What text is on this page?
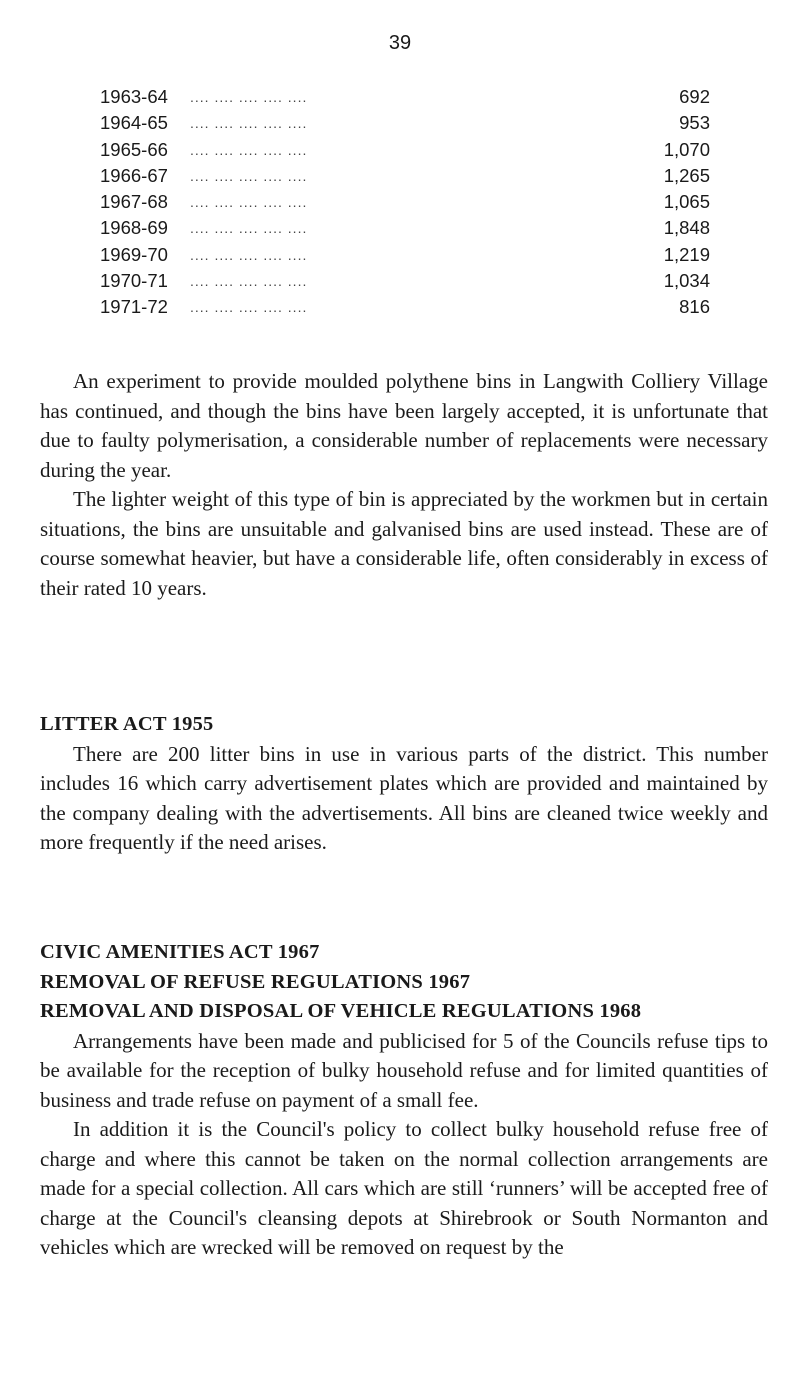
39
1963-64 .... .... .... .... ....	692
1964-65 .... .... .... .... ....	953
1965-66 .... .... .... .... ....	1,070
1966-67 .... .... .... .... ....	1,265
1967-68 .... .... .... .... ....	1,065
1968-69 .... .... .... .... ....	1,848
1969-70 .... .... .... .... ....	1,219
1970-71 .... .... .... .... ....	1,034
1971-72 .... .... .... .... ....	816

An experiment to provide moulded polythene bins in Langwith Colliery Village has continued, and though the bins have been largely accepted, it is unfortunate that due to faulty polymerisation, a considerable number of replacements were necessary during the year.

The lighter weight of this type of bin is appreciated by the workmen but in certain situations, the bins are unsuitable and galvanised bins are used instead. These are of course somewhat heavier, but have a considerable life, often considerably in excess of their rated 10 years.

LITTER ACT 1955

There are 200 litter bins in use in various parts of the district. This number includes 16 which carry advertisement plates which are provided and maintained by the company dealing with the advertisements. All bins are cleaned twice weekly and more frequently if the need arises.

CIVIC AMENITIES ACT 1967

REMOVAL OF REFUSE REGULATIONS 1967

REMOVAL AND DISPOSAL OF VEHICLE REGULATIONS 1968

Arrangements have been made and publicised for 5 of the Councils refuse tips to be available for the reception of bulky household refuse and for limited quantities of business and trade refuse on payment of a small fee.

In addition it is the Council's policy to collect bulky household refuse free of charge and where this cannot be taken on the normal collection arrangements are made for a special collection. All cars which are still ‘runners’ will be accepted free of charge at the Council's cleansing depots at Shirebrook or South Normanton and vehicles which are wrecked will be removed on request by the
